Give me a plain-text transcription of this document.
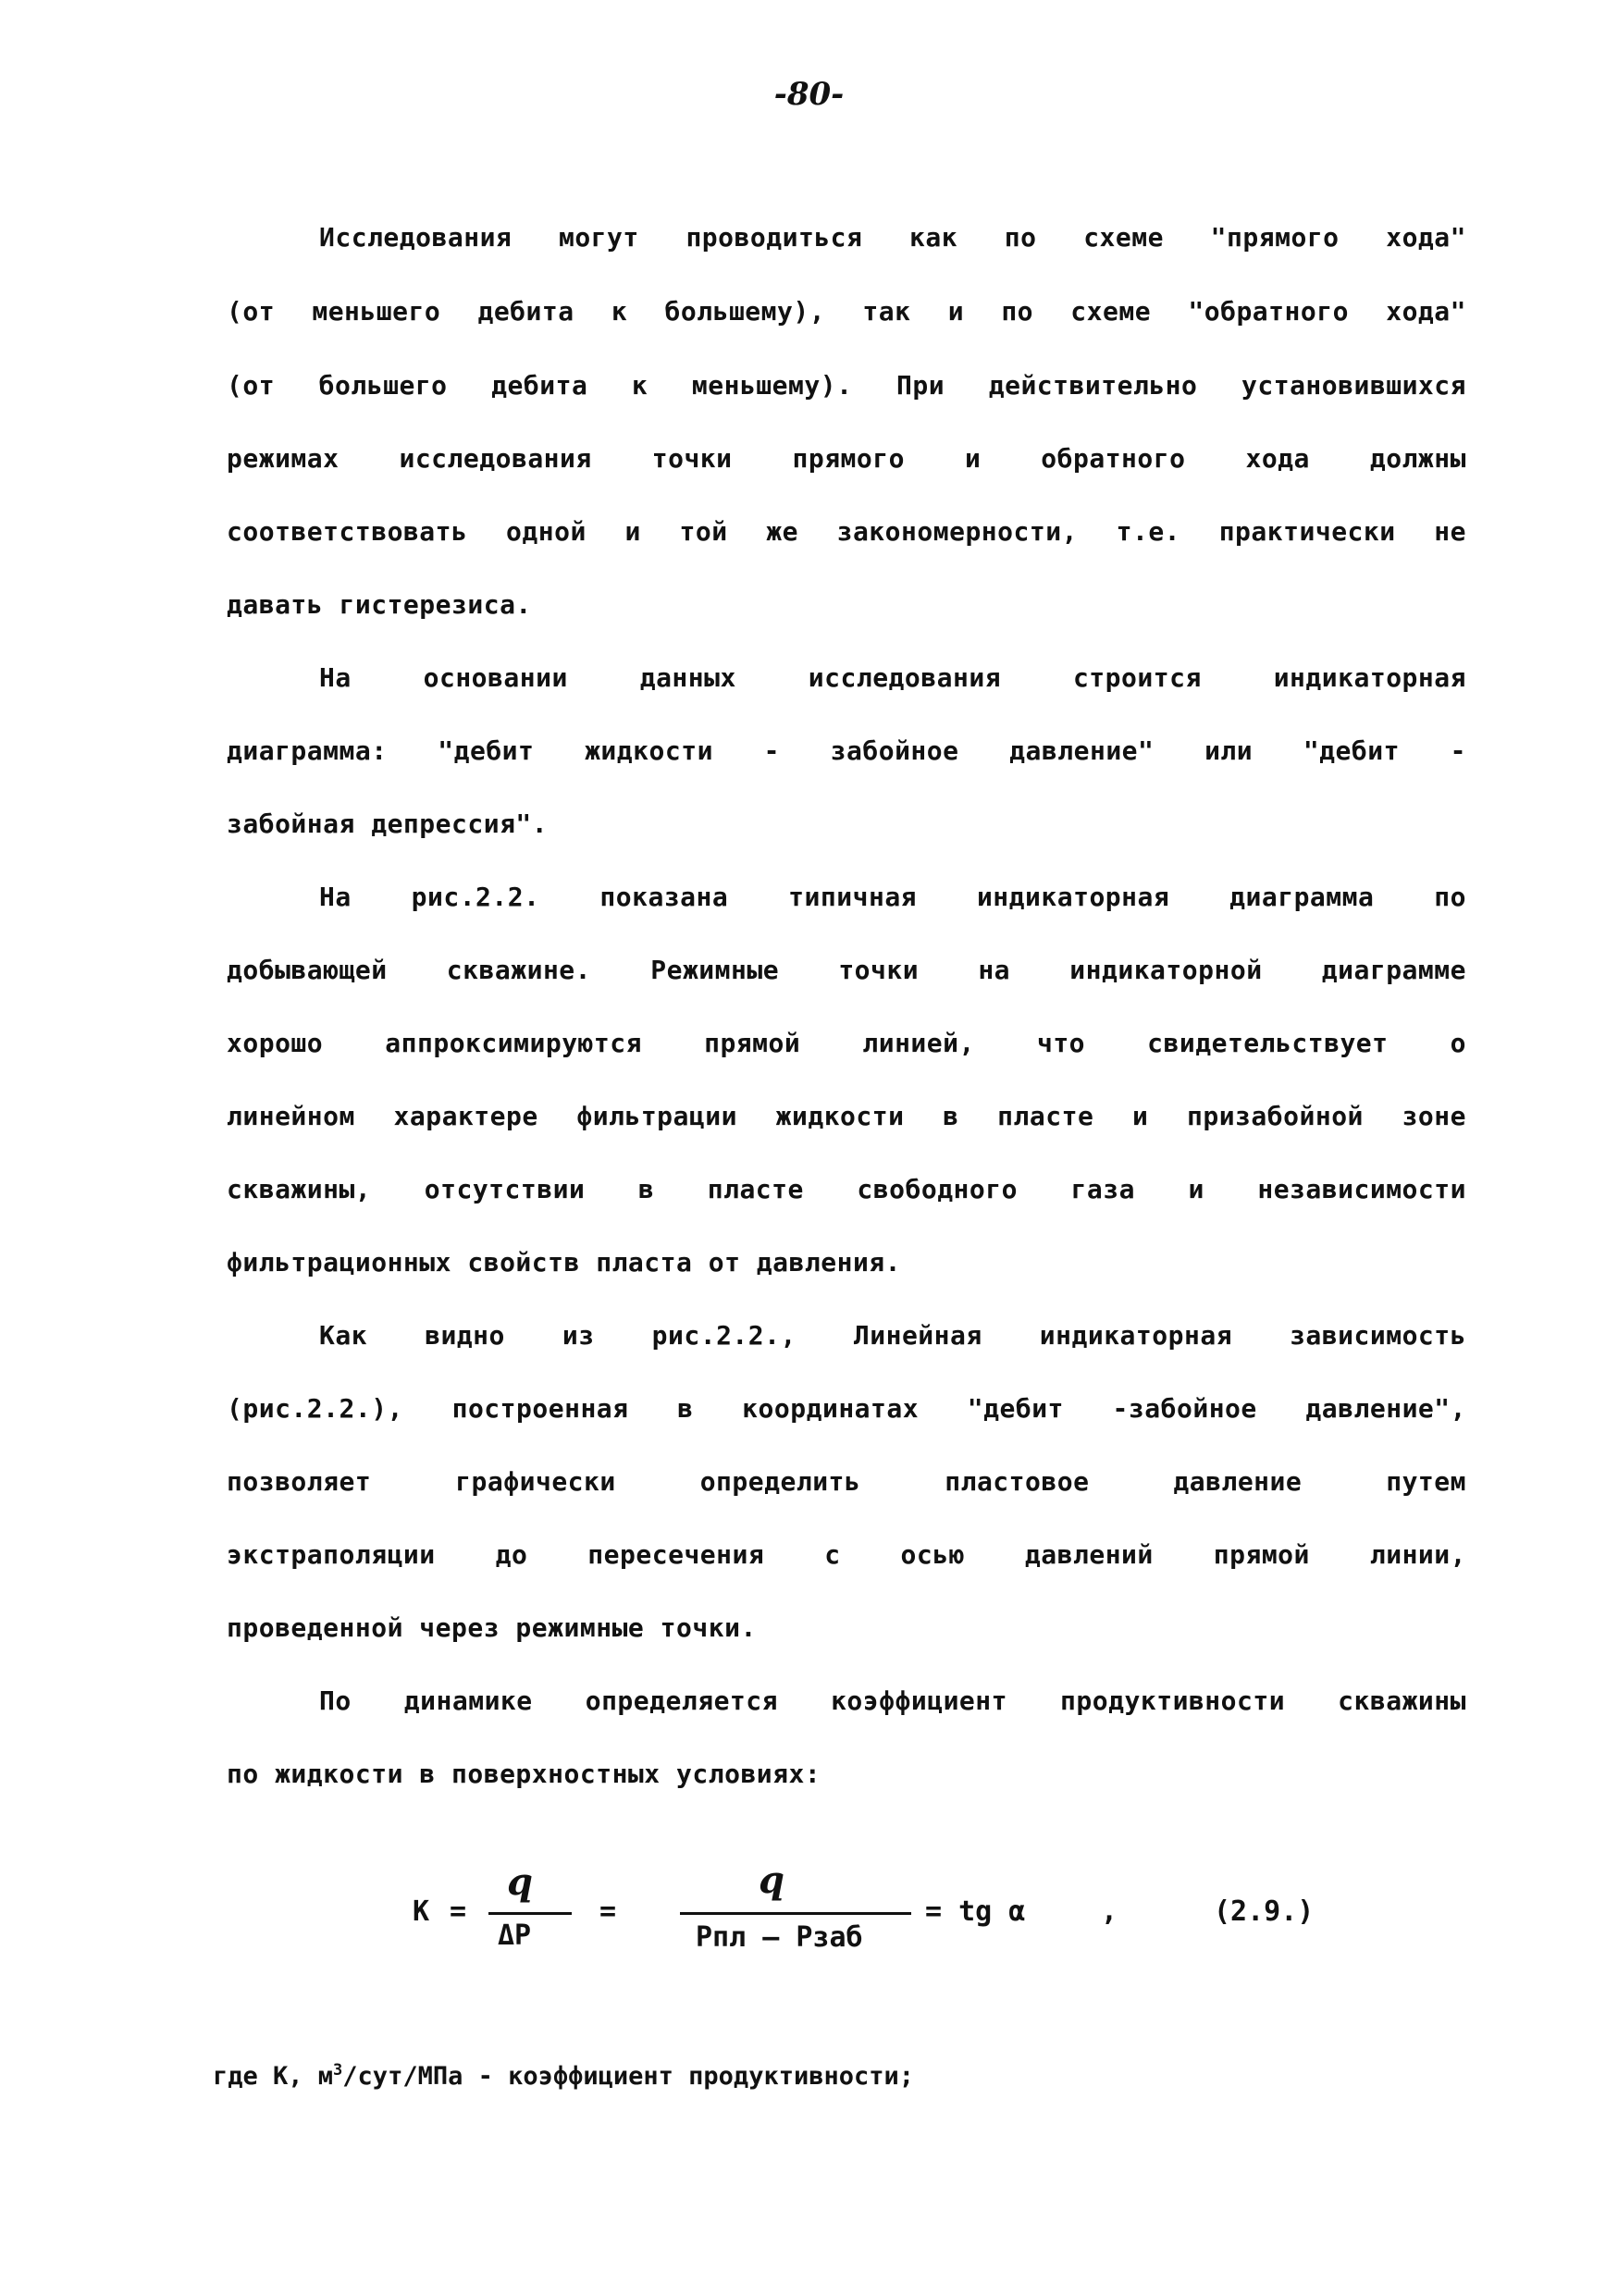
-80-
Исследования могут проводиться как по схеме "прямого хода"
(от меньшего дебита к большему), так и по схеме "обратного хода"
(от большего дебита к меньшему). При действительно установившихся
режимах исследования точки прямого и обратного хода должны
соответствовать одной и той же закономерности, т.е. практически не
давать гистерезиса.
На основании данных исследования строится индикаторная
диаграмма: "дебит жидкости - забойное давление" или "дебит -
забойная депрессия".
На рис.2.2. показана типичная индикаторная диаграмма по
добывающей скважине. Режимные точки на индикаторной диаграмме
хорошо аппроксимируются прямой линией, что свидетельствует о
линейном характере фильтрации жидкости в пласте и призабойной зоне
скважины, отсутствии в пласте свободного газа и независимости
фильтрационных свойств пласта от давления.
Как видно из рис.2.2., Линейная индикаторная зависимость
(рис.2.2.), построенная в координатах "дебит -забойное давление",
позволяет графически определить пластовое давление путем
экстраполяции до пересечения с осью давлений прямой линии,
проведенной через режимные точки.
По динамике определяется коэффициент продуктивности скважины
по жидкости в поверхностных условиях:
К =
q
ΔP
=
q
Pпл — Pзаб
= tg α	,	(2.9.)
где К, $м^3/сут$/МПа - коэффициент продуктивности;
